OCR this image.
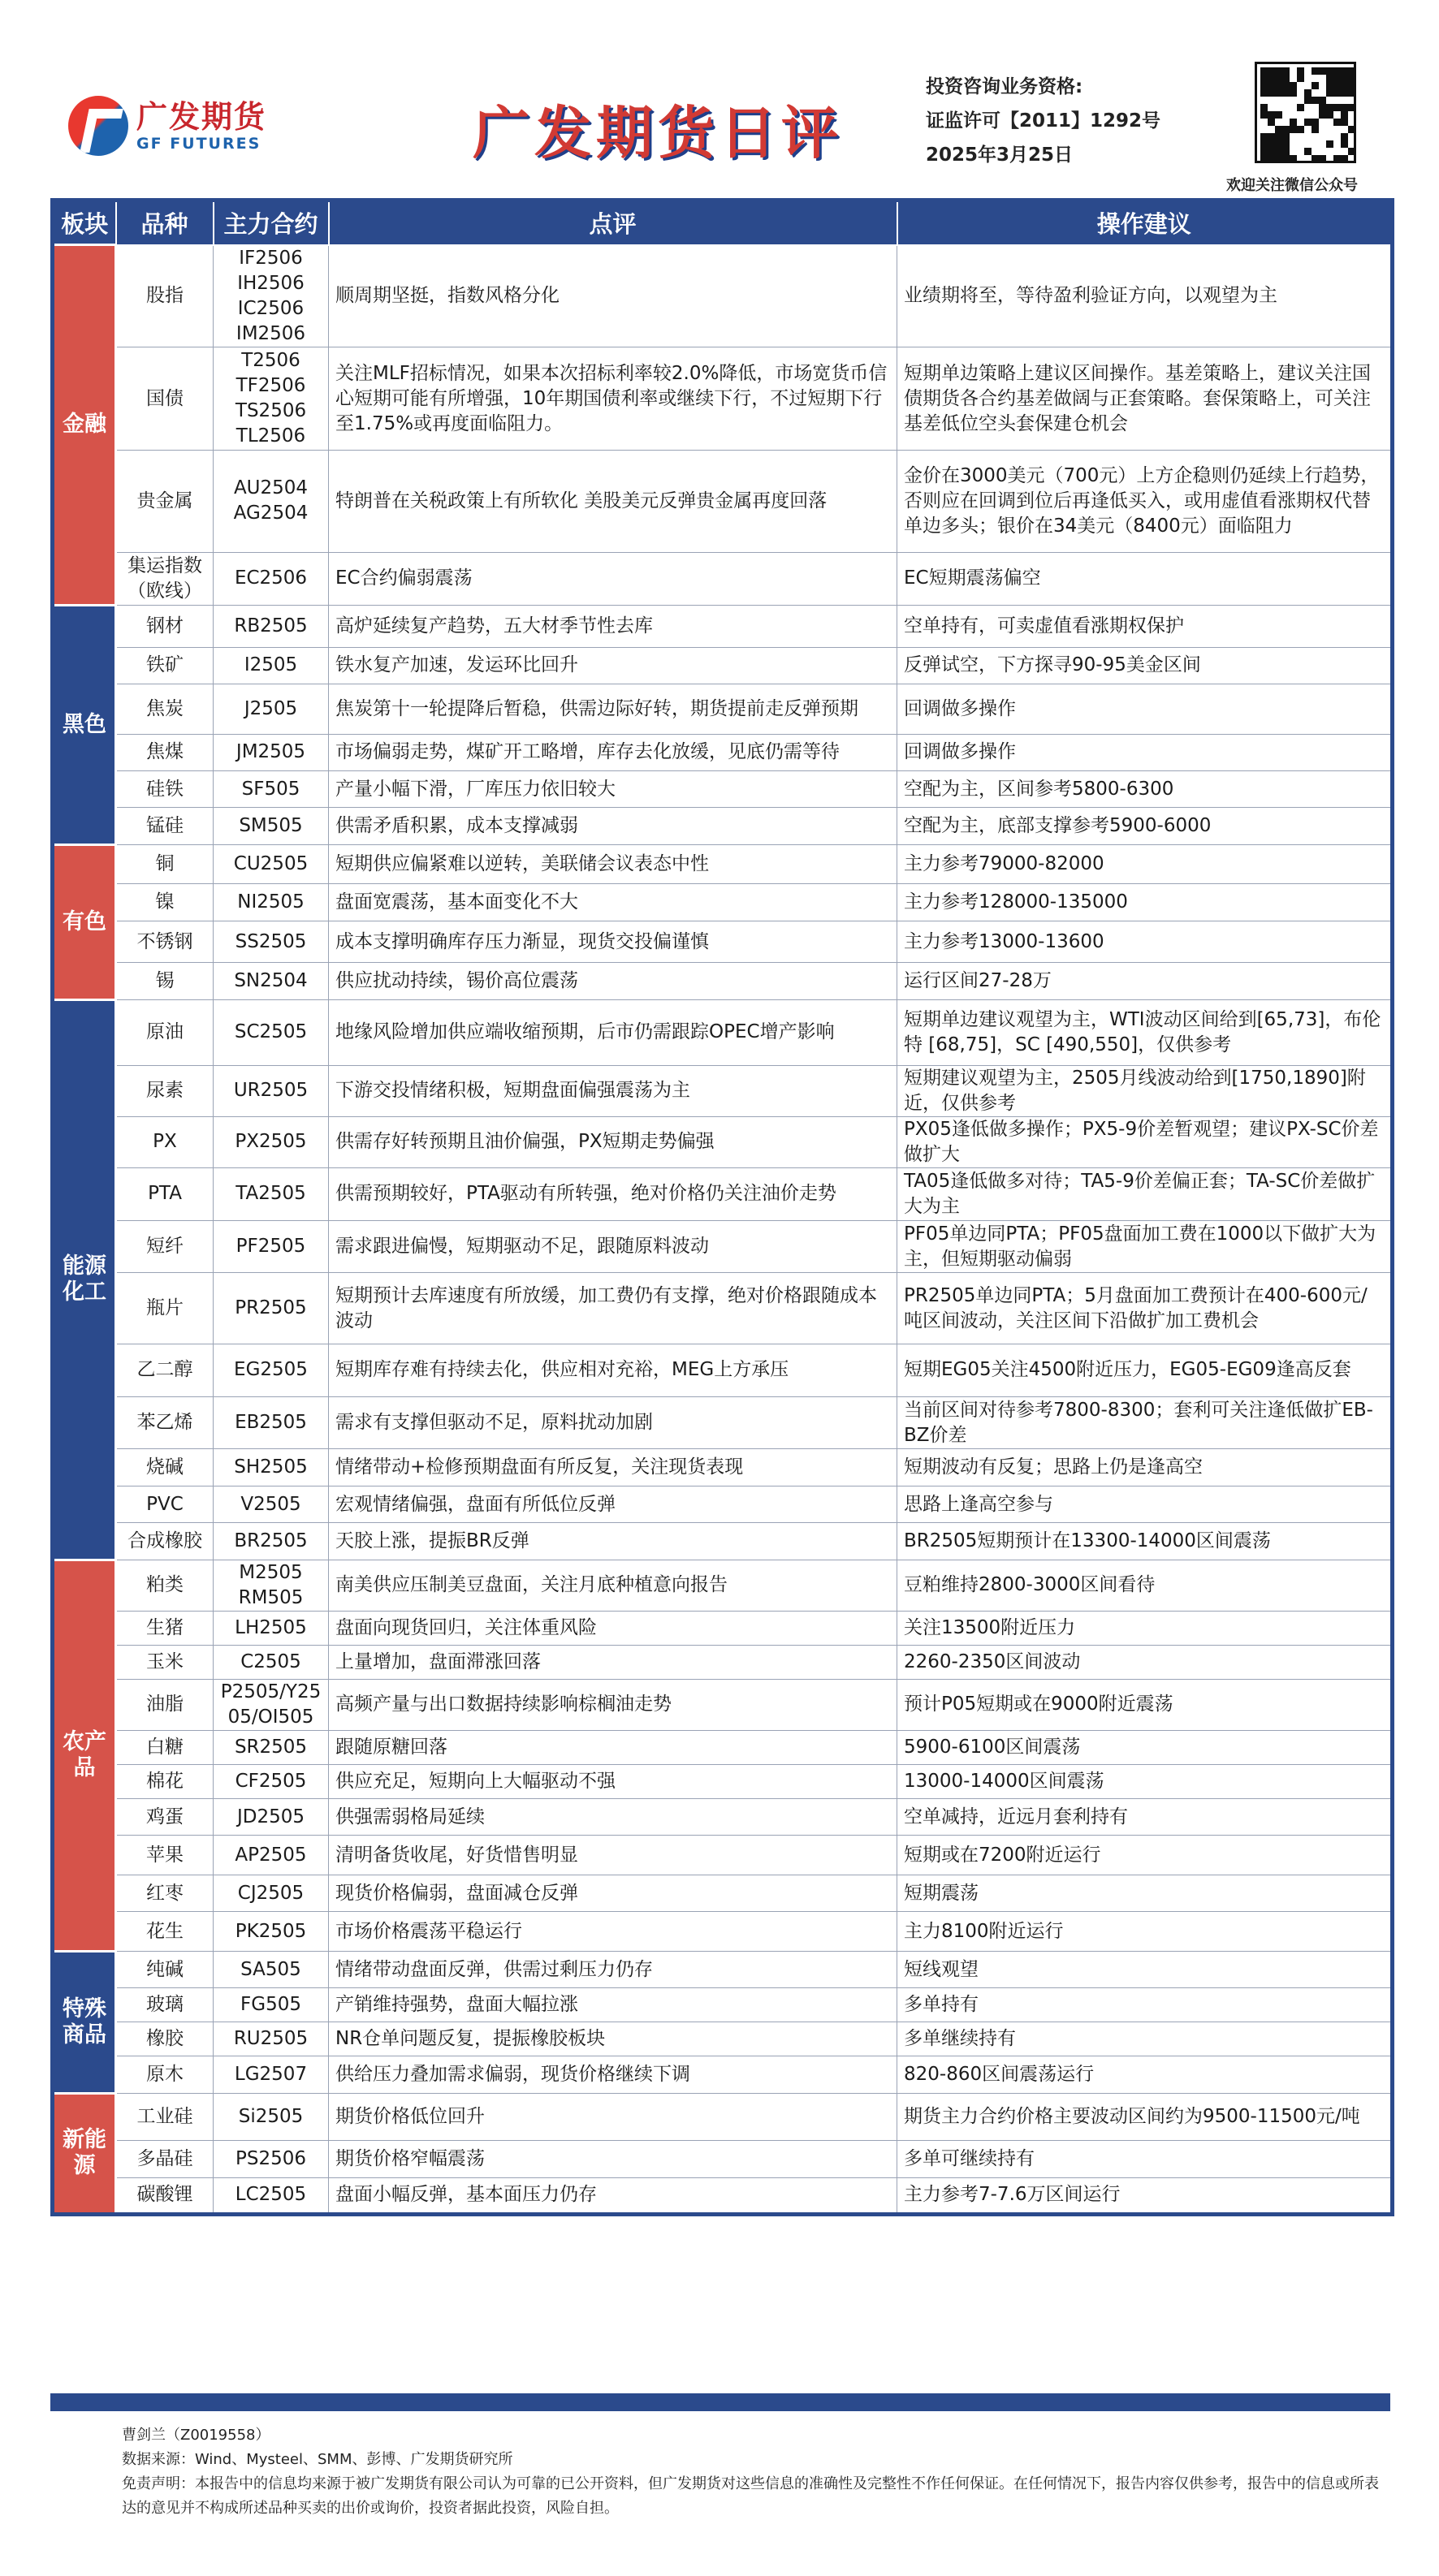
广发期货
GF FUTURES	广发期货日评
投资咨询业务资格:
证监许可【2011】1292号
2025年3月25日
欢迎关注微信公众号
板块	品种	主力合约	点评	操作建议
金融	股指	IF2506
IH2506
IC2506
IM2506	顺周期坚挺，指数风格分化	业绩期将至，等待盈利验证方向，以观望为主
	国债	T2506
TF2506
TS2506
TL2506	关注MLF招标情况，如果本次招标利率较2.0%降低，市场宽货币信心短期可能有所增强，10年期国债利率或继续下行，不过短期下行至1.75%或再度面临阻力。	短期单边策略上建议区间操作。基差策略上，建议关注国债期货各合约基差做阔与正套策略。套保策略上，可关注基差低位空头套保建仓机会
	贵金属	AU2504
AG2504	特朗普在关税政策上有所软化 美股美元反弹贵金属再度回落	金价在3000美元（700元）上方企稳则仍延续上行趋势，否则应在回调到位后再逢低买入，或用虚值看涨期权代替单边多头；银价在34美元（8400元）面临阻力
	集运指数（欧线）	EC2506	EC合约偏弱震荡	EC短期震荡偏空
黑色	钢材	RB2505	高炉延续复产趋势，五大材季节性去库	空单持有，可卖虚值看涨期权保护
	铁矿	I2505	铁水复产加速，发运环比回升	反弹试空，下方探寻90-95美金区间
	焦炭	J2505	焦炭第十一轮提降后暂稳，供需边际好转，期货提前走反弹预期	回调做多操作
	焦煤	JM2505	市场偏弱走势，煤矿开工略增，库存去化放缓，见底仍需等待	回调做多操作
	硅铁	SF505	产量小幅下滑，厂库压力依旧较大	空配为主，区间参考5800-6300
	锰硅	SM505	供需矛盾积累，成本支撑减弱	空配为主，底部支撑参考5900-6000
有色	铜	CU2505	短期供应偏紧难以逆转，美联储会议表态中性	主力参考79000-82000
	镍	NI2505	盘面宽震荡，基本面变化不大	主力参考128000-135000
	不锈钢	SS2505	成本支撑明确库存压力渐显，现货交投偏谨慎	主力参考13000-13600
	锡	SN2504	供应扰动持续，锡价高位震荡	运行区间27-28万
能源化工	原油	SC2505	地缘风险增加供应端收缩预期，后市仍需跟踪OPEC增产影响	短期单边建议观望为主，WTI波动区间给到[65,73]，布伦特 [68,75]，SC [490,550]，仅供参考
	尿素	UR2505	下游交投情绪积极，短期盘面偏强震荡为主	短期建议观望为主，2505月线波动给到[1750,1890]附近，仅供参考
	PX	PX2505	供需存好转预期且油价偏强，PX短期走势偏强	PX05逢低做多操作；PX5-9价差暂观望；建议PX-SC价差做扩大
	PTA	TA2505	供需预期较好，PTA驱动有所转强，绝对价格仍关注油价走势	TA05逢低做多对待；TA5-9价差偏正套；TA-SC价差做扩大为主
	短纤	PF2505	需求跟进偏慢，短期驱动不足，跟随原料波动	PF05单边同PTA；PF05盘面加工费在1000以下做扩大为主，但短期驱动偏弱
	瓶片	PR2505	短期预计去库速度有所放缓，加工费仍有支撑，绝对价格跟随成本波动	PR2505单边同PTA；5月盘面加工费预计在400-600元/吨区间波动，关注区间下沿做扩加工费机会
	乙二醇	EG2505	短期库存难有持续去化，供应相对充裕，MEG上方承压	短期EG05关注4500附近压力，EG05-EG09逢高反套
	苯乙烯	EB2505	需求有支撑但驱动不足，原料扰动加剧	当前区间对待参考7800-8300；套利可关注逢低做扩EB-BZ价差
	烧碱	SH2505	情绪带动+检修预期盘面有所反复，关注现货表现	短期波动有反复；思路上仍是逢高空
	PVC	V2505	宏观情绪偏强，盘面有所低位反弹	思路上逢高空参与
	合成橡胶	BR2505	天胶上涨，提振BR反弹	BR2505短期预计在13300-14000区间震荡
农产品	粕类	M2505
RM505	南美供应压制美豆盘面，关注月底种植意向报告	豆粕维持2800-3000区间看待
	生猪	LH2505	盘面向现货回归，关注体重风险	关注13500附近压力
	玉米	C2505	上量增加，盘面滞涨回落	2260-2350区间波动
	油脂	P2505/Y2505/OI505	高频产量与出口数据持续影响棕榈油走势	预计P05短期或在9000附近震荡
	白糖	SR2505	跟随原糖回落	5900-6100区间震荡
	棉花	CF2505	供应充足，短期向上大幅驱动不强	13000-14000区间震荡
	鸡蛋	JD2505	供强需弱格局延续	空单减持，近远月套利持有
	苹果	AP2505	清明备货收尾，好货惜售明显	短期或在7200附近运行
	红枣	CJ2505	现货价格偏弱，盘面减仓反弹	短期震荡
	花生	PK2505	市场价格震荡平稳运行	主力8100附近运行
特殊商品	纯碱	SA505	情绪带动盘面反弹，供需过剩压力仍存	短线观望
	玻璃	FG505	产销维持强势，盘面大幅拉涨	多单持有
	橡胶	RU2505	NR仓单问题反复，提振橡胶板块	多单继续持有
	原木	LG2507	供给压力叠加需求偏弱，现货价格继续下调	820-860区间震荡运行
新能源	工业硅	Si2505	期货价格低位回升	期货主力合约价格主要波动区间约为9500-11500元/吨
	多晶硅	PS2506	期货价格窄幅震荡	多单可继续持有
	碳酸锂	LC2505	盘面小幅反弹，基本面压力仍存	主力参考7-7.6万区间运行
曹剑兰（Z0019558）
数据来源：Wind、Mysteel、SMM、彭博、广发期货研究所
免责声明：本报告中的信息均来源于被广发期货有限公司认为可靠的已公开资料，但广发期货对这些信息的准确性及完整性不作任何保证。在任何情况下，报告内容仅供参考，报告中的信息或所表达的意见并不构成所述品种买卖的出价或询价，投资者据此投资，风险自担。
